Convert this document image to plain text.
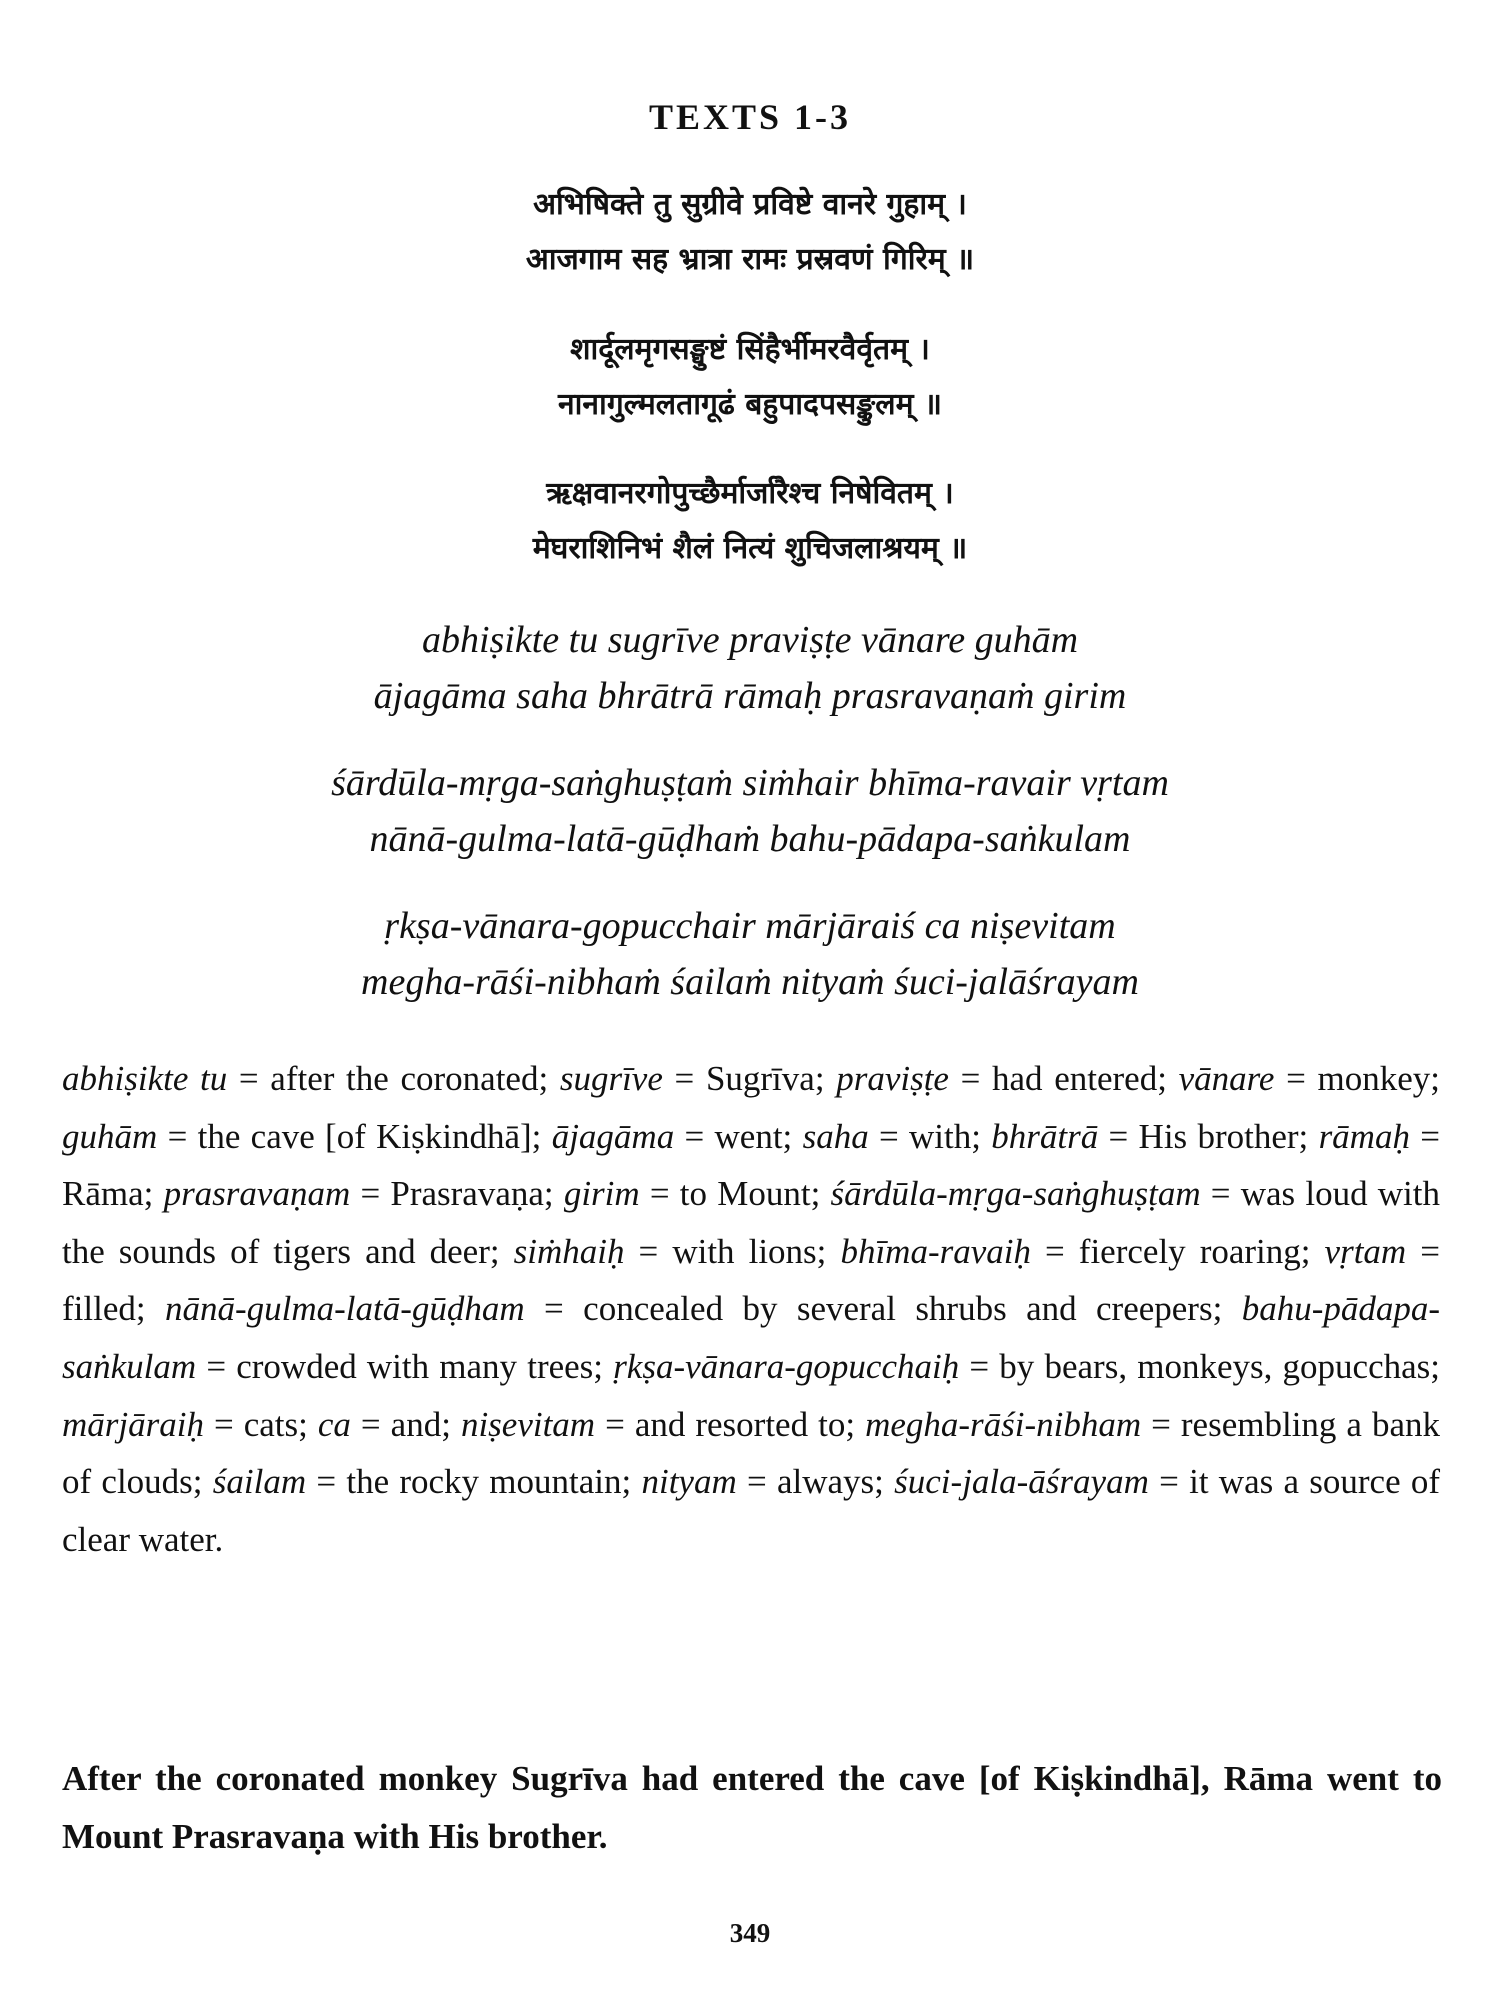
TEXTS 1-3
अभिषिक्ते तु सुग्रीवे प्रविष्टे वानरे गुहाम् ।
आजगाम सह भ्रात्रा रामः प्रस्रवणं गिरिम् ॥
शार्दूलमृगसङ्घुष्टं सिंहैर्भीमरवैर्वृतम् ।
नानागुल्मलतागूढं बहुपादपसङ्कुलम् ॥
ऋक्षवानरगोपुच्छैर्मार्जारैश्च निषेवितम् ।
मेघराशिनिभं शैलं नित्यं शुचिजलाश्रयम् ॥
abhiṣikte tu sugrīve praviṣṭe vānare guhām
ājagāma saha bhrātrā rāmaḥ prasravaṇaṁ girim
śārdūla-mṛga-saṅghuṣṭaṁ siṁhair bhīma-ravair vṛtam
nānā-gulma-latā-gūḍhaṁ bahu-pādapa-saṅkulam
ṛkṣa-vānara-gopucchair mārjāraiś ca niṣevitam
megha-rāśi-nibhaṁ śailaṁ nityaṁ śuci-jalāśrayam
abhiṣikte tu = after the coronated; sugrīve = Sugrīva; praviṣṭe = had entered; vānare = monkey; guhām = the cave [of Kiṣkindhā]; ājagāma = went; saha = with; bhrātrā = His brother; rāmaḥ = Rāma; prasravaṇam = Prasravaṇa; girim = to Mount; śārdūla-mṛga-saṅghuṣṭam = was loud with the sounds of tigers and deer; siṁhaiḥ = with lions; bhīma-ravaiḥ = fiercely roaring; vṛtam = filled; nānā-gulma-latā-gūḍham = concealed by several shrubs and creepers; bahu-pādapa-saṅkulam = crowded with many trees; ṛkṣa-vānara-gopucchaiḥ = by bears, monkeys, gopucchas; mārjāraiḥ = cats; ca = and; niṣevitam = and resorted to; megha-rāśi-nibham = resembling a bank of clouds; śailam = the rocky mountain; nityam = always; śuci-jala-āśrayam = it was a source of clear water.
After the coronated monkey Sugrīva had entered the cave [of Kiṣkindhā], Rāma went to Mount Prasravaṇa with His brother.
349
